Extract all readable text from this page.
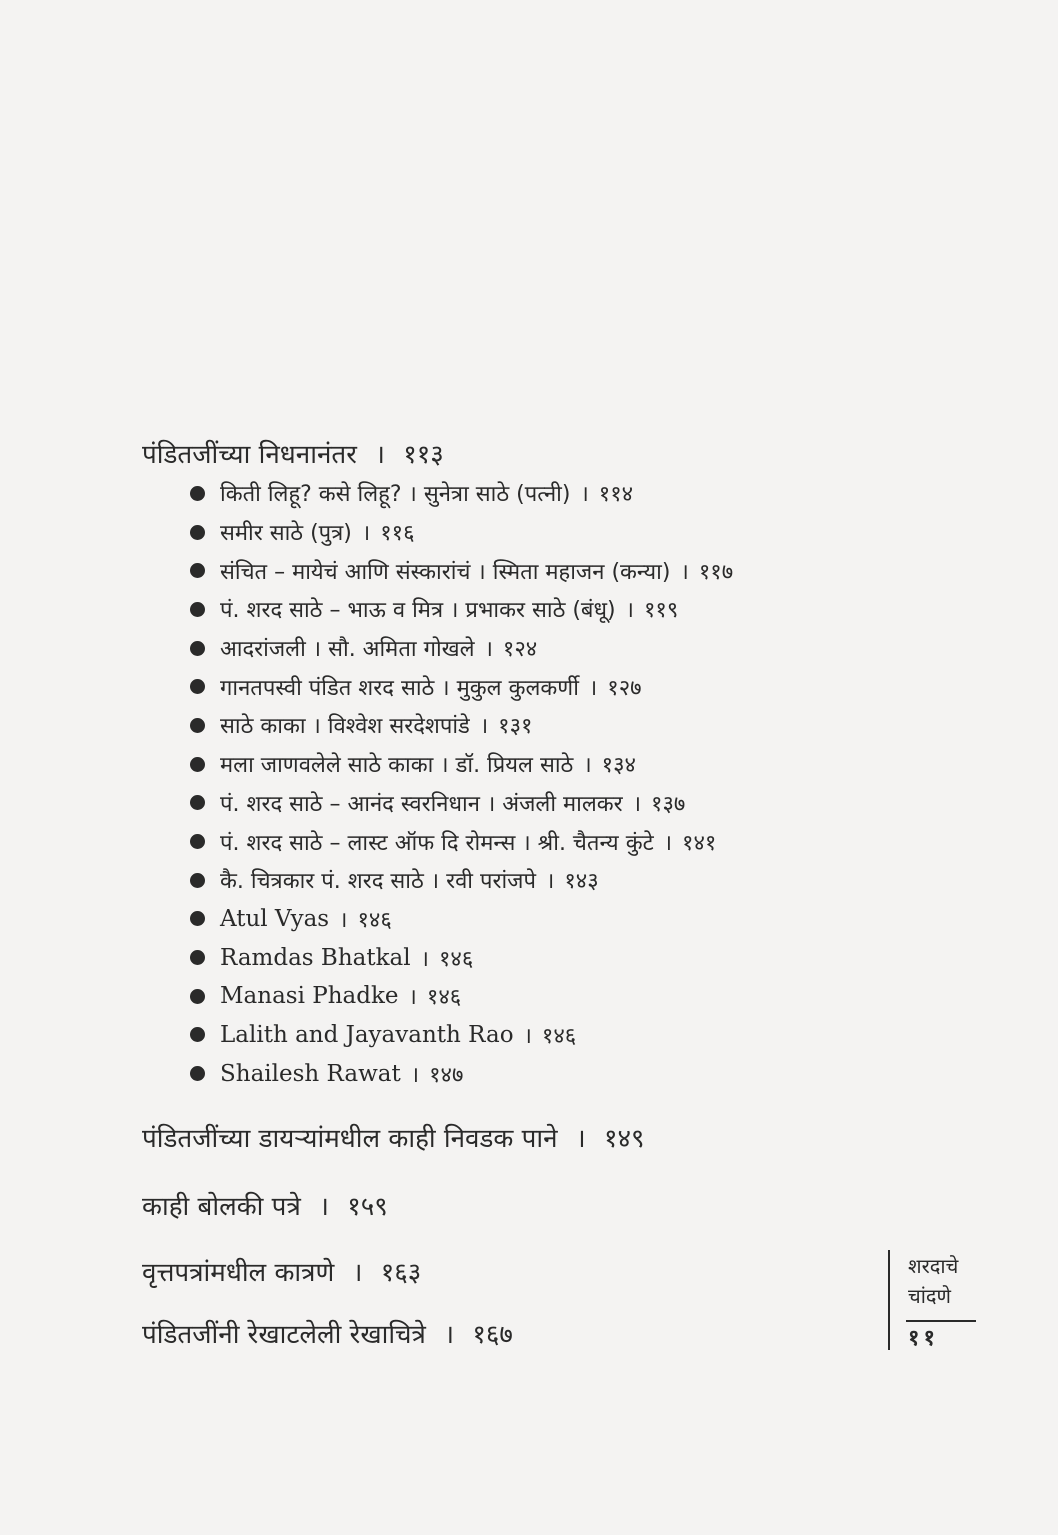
पंडितजींच्या निधनानंतर । ११३
किती लिहू? कसे लिहू? । सुनेत्रा साठे (पत्नी) । ११४
समीर साठे (पुत्र) । ११६
संचित – मायेचं आणि संस्कारांचं । स्मिता महाजन (कन्या) । ११७
पं. शरद साठे – भाऊ व मित्र । प्रभाकर साठे (बंधू) । ११९
आदरांजली । सौ. अमिता गोखले । १२४
गानतपस्वी पंडित शरद साठे । मुकुल कुलकर्णी । १२७
साठे काका । विश्वेश सरदेशपांडे । १३१
मला जाणवलेले साठे काका । डॉ. प्रियल साठे । १३४
पं. शरद साठे – आनंद स्वरनिधान । अंजली मालकर । १३७
पं. शरद साठे – लास्ट ऑफ दि रोमन्स । श्री. चैतन्य कुंटे । १४१
कै. चित्रकार पं. शरद साठे । रवी परांजपे । १४३
Atul Vyas । १४६
Ramdas Bhatkal । १४६
Manasi Phadke । १४६
Lalith and Jayavanth Rao । १४६
Shailesh Rawat । १४७
पंडितजींच्या डायऱ्यांमधील काही निवडक पाने । १४९
काही बोलकी पत्रे । १५९
वृत्तपत्रांमधील कात्रणे । १६३
पंडितजींनी रेखाटलेली रेखाचित्रे । १६७
शरदाचे
चांदणे
११
